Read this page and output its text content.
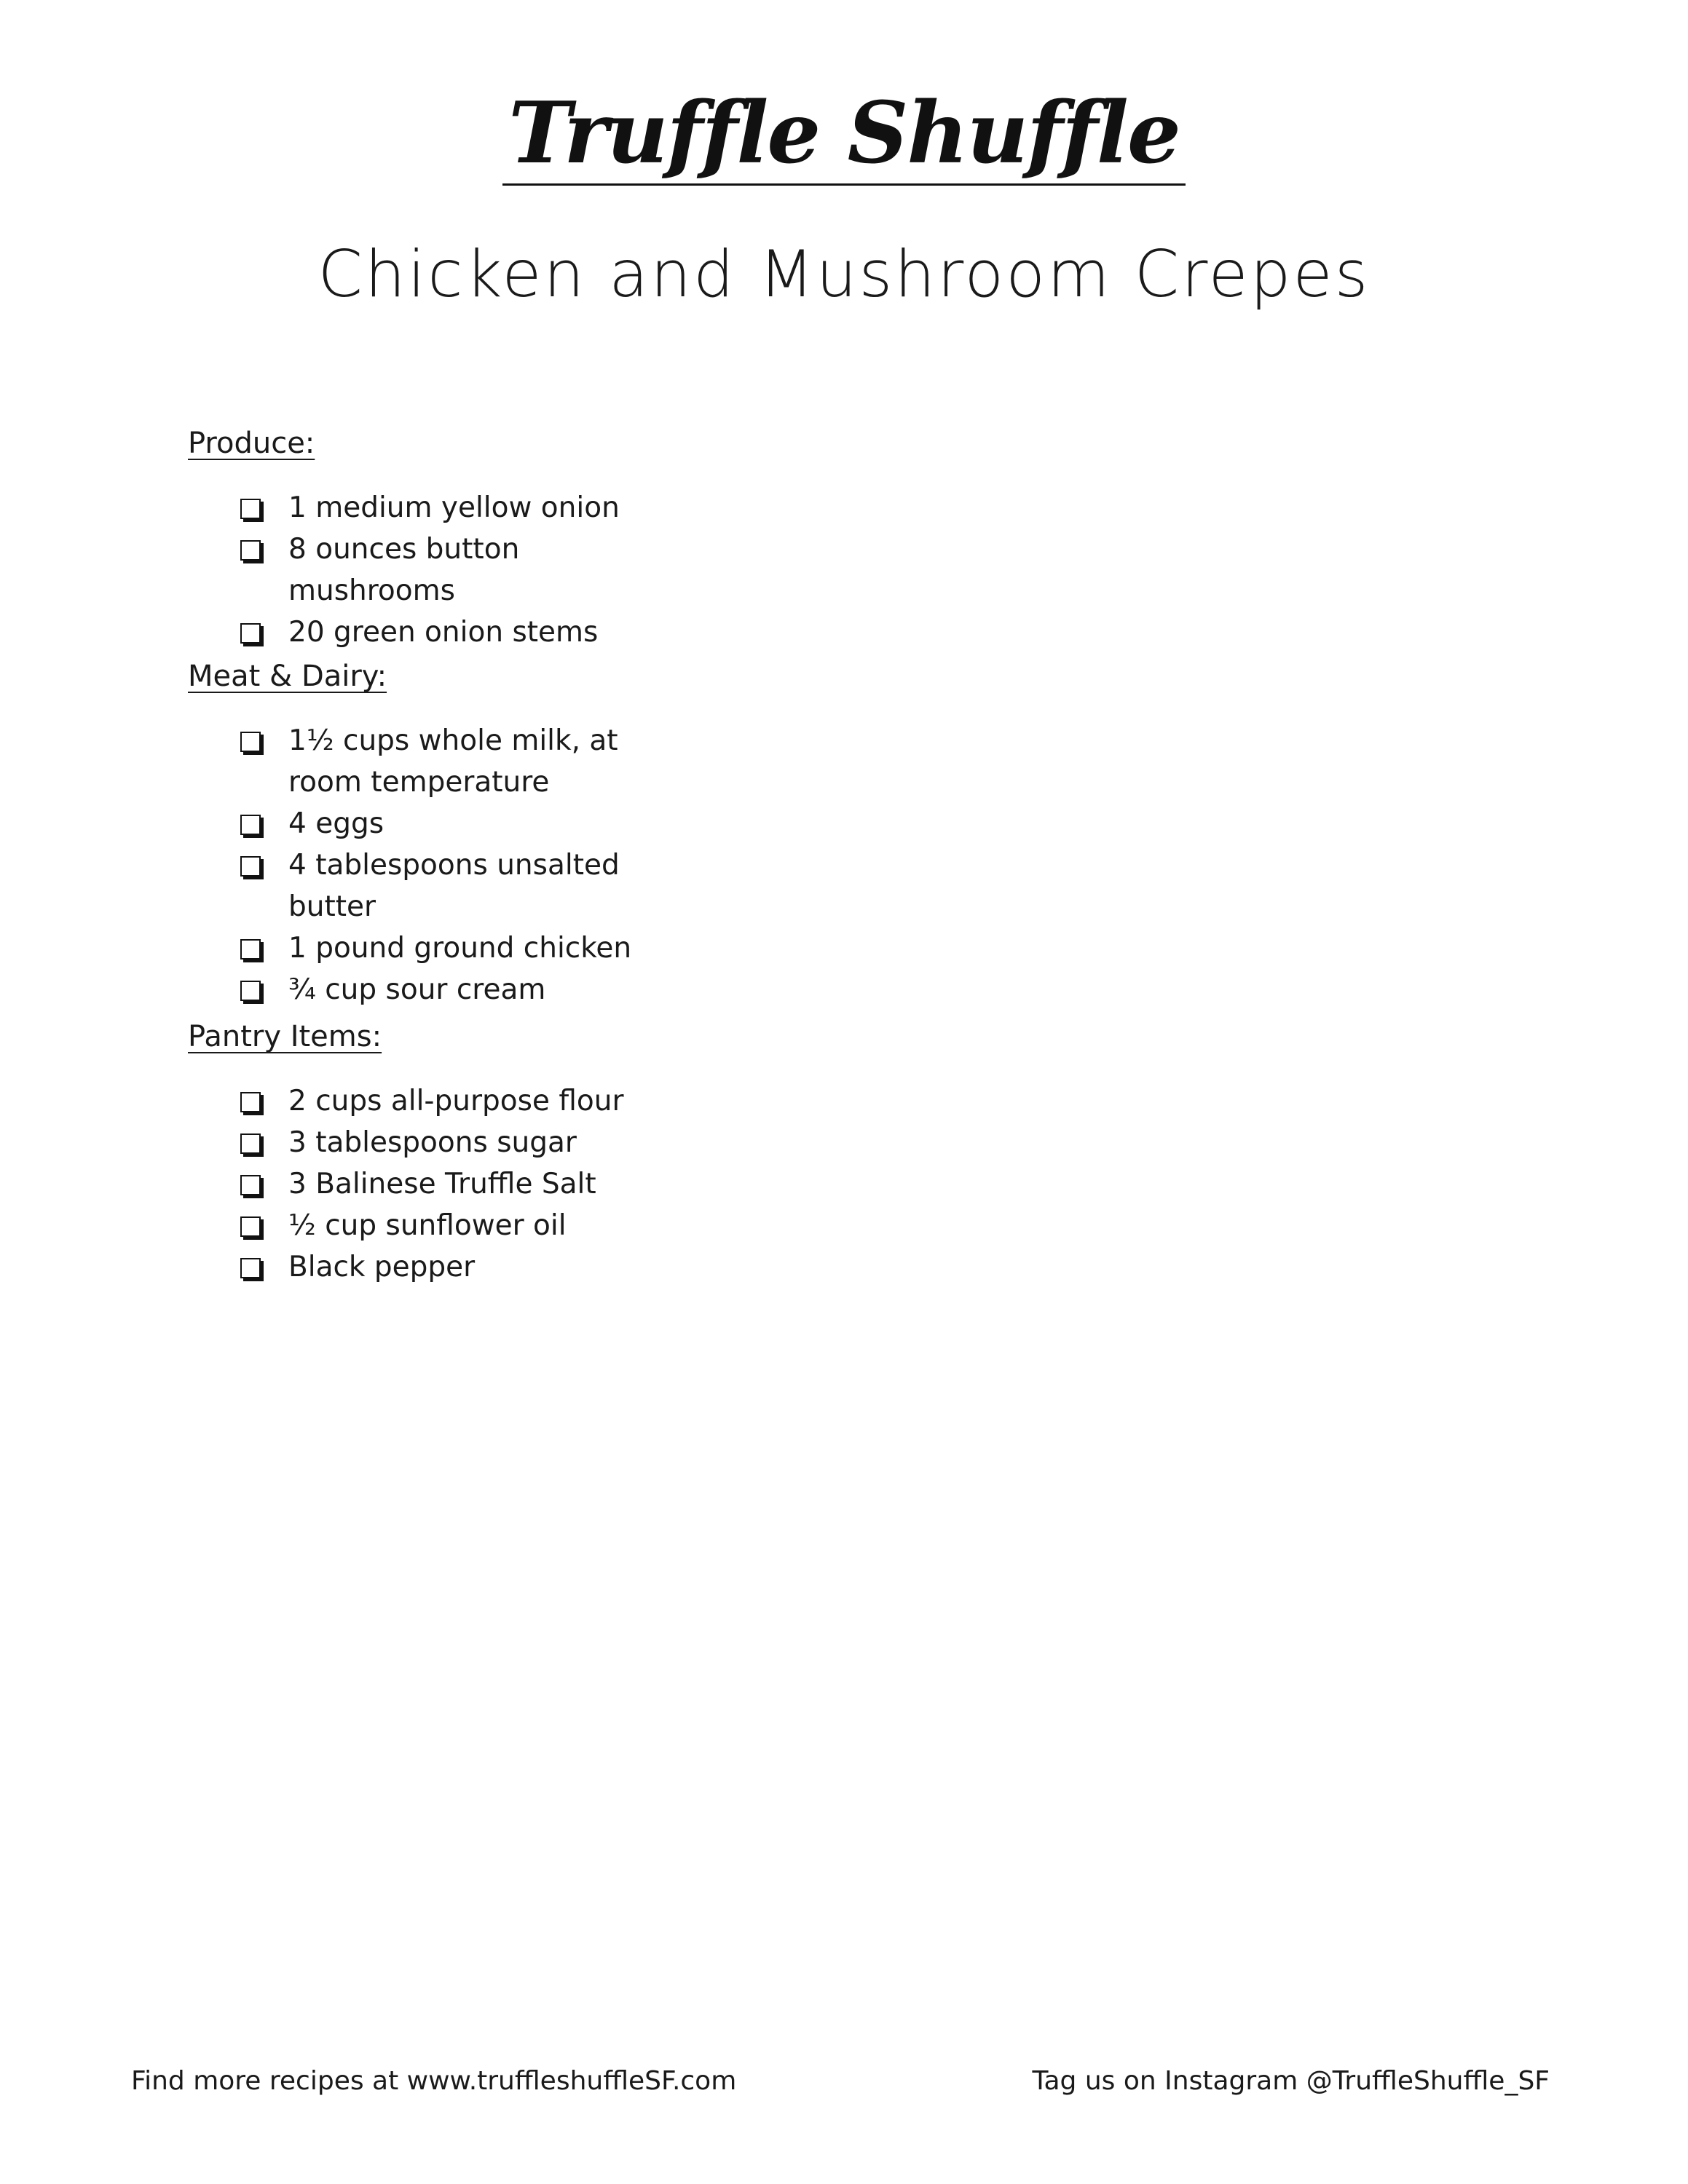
Truffle Shuffle
Chicken and Mushroom Crepes
Produce:
1 medium yellow onion
8 ounces button mushrooms
20 green onion stems
Meat & Dairy:
1½ cups whole milk, at room temperature
4 eggs
4 tablespoons unsalted butter
1 pound ground chicken
¾ cup sour cream
Pantry Items:
2 cups all-purpose flour
3 tablespoons sugar
3 Balinese Truffle Salt
½ cup sunflower oil
Black pepper
Find more recipes at www.truffleshuffleSF.com	Tag us on Instagram @TruffleShuffle_SF
